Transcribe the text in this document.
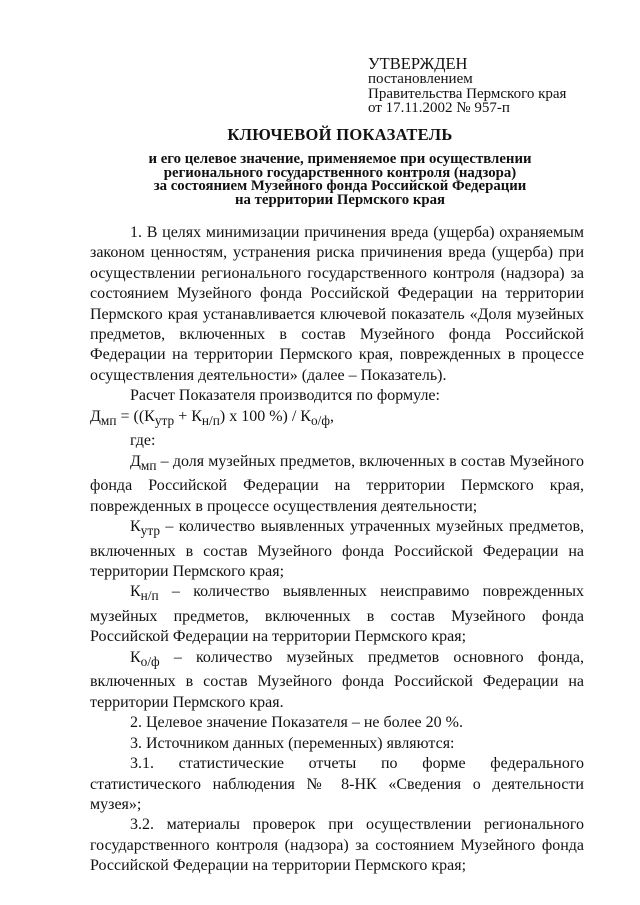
УТВЕРЖДЕН
постановлением
Правительства Пермского края
от 17.11.2002 № 957-п
КЛЮЧЕВОЙ ПОКАЗАТЕЛЬ
и его целевое значение, применяемое при осуществлении
регионального государственного контроля (надзора)
за состоянием Музейного фонда Российской Федерации
на территории Пермского края

1. В целях минимизации причинения вреда (ущерба) охраняемым законом ценностям, устранения риска причинения вреда (ущерба) при осуществлении регионального государственного контроля (надзора) за состоянием Музейного фонда Российской Федерации на территории Пермского края устанавливается ключевой показатель «Доля музейных предметов, включенных в состав Музейного фонда Российской Федерации на территории Пермского края, поврежденных в процессе осуществления деятельности» (далее – Показатель).

Расчет Показателя производится по формуле:

$Д_{мп} = ((К_{утр} + К_{н/п})$ х 100 %) / $К_{о/ф}$,

где:

$Д_{мп}$ – доля музейных предметов, включенных в состав Музейного фонда Российской Федерации на территории Пермского края, поврежденных в процессе осуществления деятельности;

$К_{утр}$ – количество выявленных утраченных музейных предметов, включенных в состав Музейного фонда Российской Федерации на территории Пермского края;

$К_{н/п}$ – количество выявленных неисправимо поврежденных музейных предметов, включенных в состав Музейного фонда Российской Федерации на территории Пермского края;

$К_{о/ф}$ – количество музейных предметов основного фонда, включенных в состав Музейного фонда Российской Федерации на территории Пермского края.

2. Целевое значение Показателя – не более 20 %.

3. Источником данных (переменных) являются:

3.1. статистические отчеты по форме федерального статистического наблюдения № 8-НК «Сведения о деятельности музея»;

3.2. материалы проверок при осуществлении регионального государственного контроля (надзора) за состоянием Музейного фонда Российской Федерации на территории Пермского края;
